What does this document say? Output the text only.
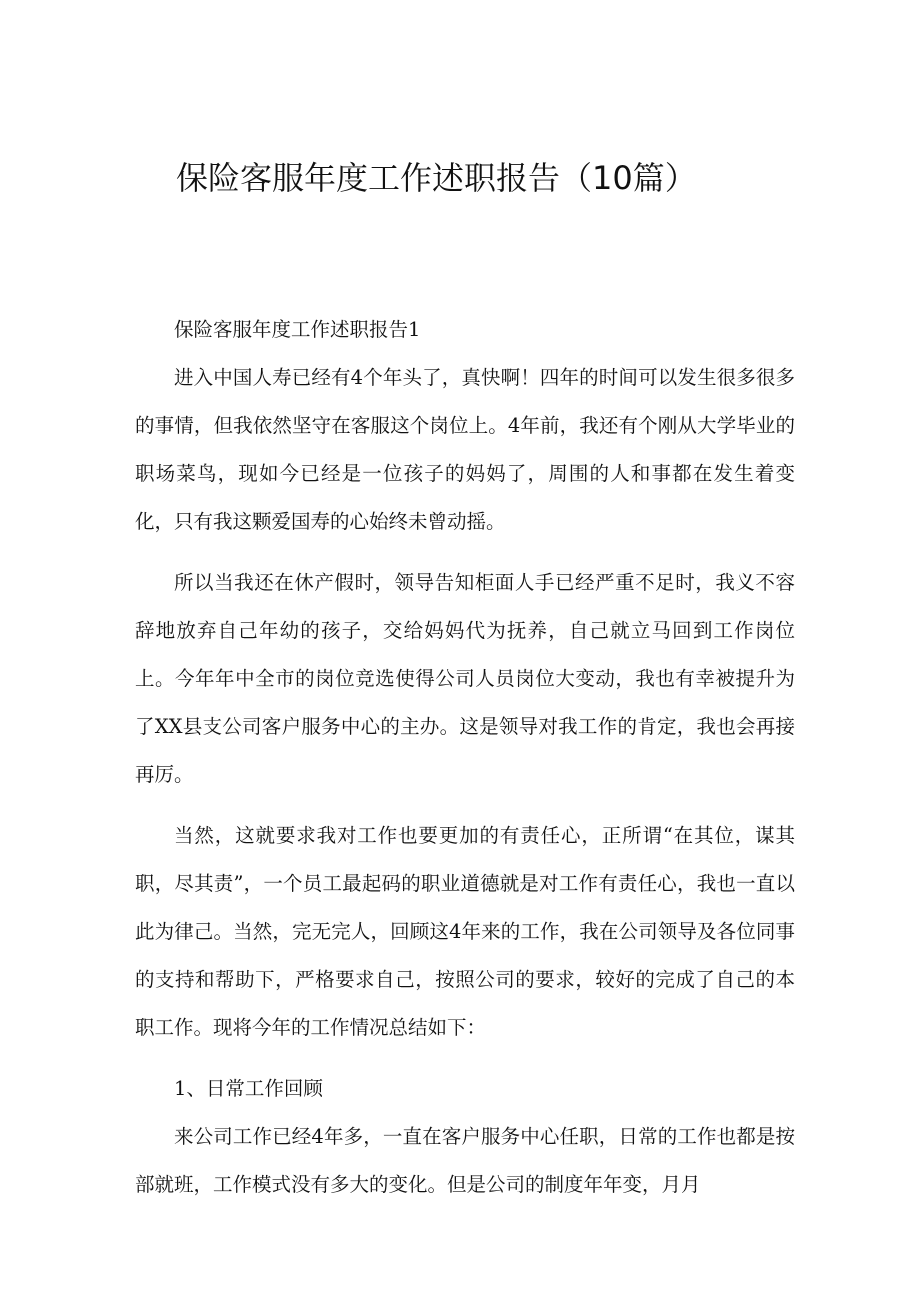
保险客服年度工作述职报告（10篇）

保险客服年度工作述职报告1

进入中国人寿已经有4个年头了，真快啊！四年的时间可以发生很多很多的事情，但我依然坚守在客服这个岗位上。4年前，我还有个刚从大学毕业的职场菜鸟，现如今已经是一位孩子的妈妈了，周围的人和事都在发生着变化，只有我这颗爱国寿的心始终未曾动摇。

所以当我还在休产假时，领导告知柜面人手已经严重不足时，我义不容辞地放弃自己年幼的孩子，交给妈妈代为抚养，自己就立马回到工作岗位上。今年年中全市的岗位竞选使得公司人员岗位大变动，我也有幸被提升为了XX县支公司客户服务中心的主办。这是领导对我工作的肯定，我也会再接再厉。

当然，这就要求我对工作也要更加的有责任心，正所谓“在其位，谋其职，尽其责”，一个员工最起码的职业道德就是对工作有责任心，我也一直以此为律己。当然，完无完人，回顾这4年来的工作，我在公司领导及各位同事的支持和帮助下，严格要求自己，按照公司的要求，较好的完成了自己的本职工作。现将今年的工作情况总结如下：

1、日常工作回顾

来公司工作已经4年多，一直在客户服务中心任职，日常的工作也都是按部就班，工作模式没有多大的变化。但是公司的制度年年变，月月
